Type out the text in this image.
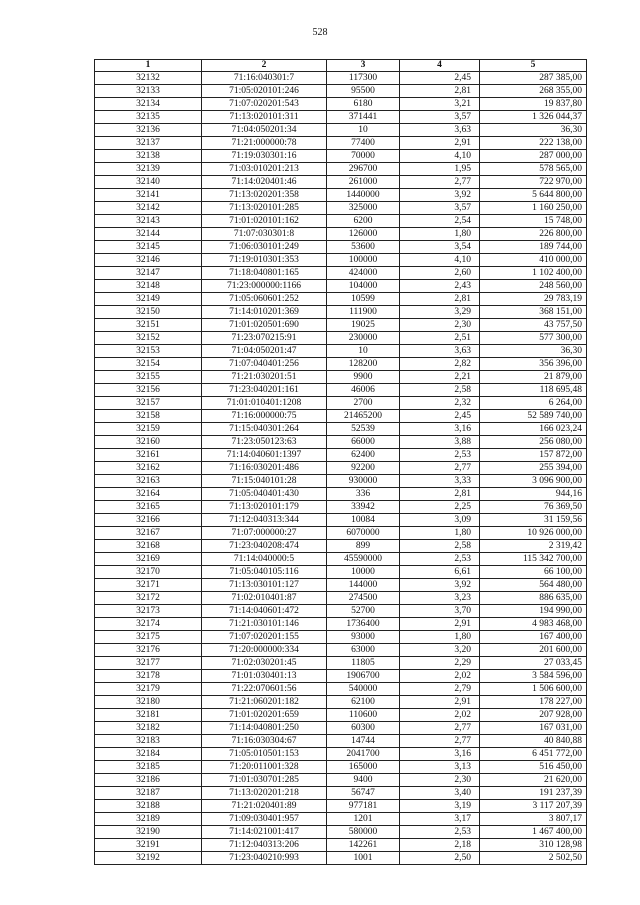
528
1	2	3	4	5
32132	71:16:040301:7	117300	2,45	287 385,00
32133	71:05:020101:246	95500	2,81	268 355,00
32134	71:07:020201:543	6180	3,21	19 837,80
32135	71:13:020101:311	371441	3,57	1 326 044,37
32136	71:04:050201:34	10	3,63	36,30
32137	71:21:000000:78	77400	2,91	222 138,00
32138	71:19:030301:16	70000	4,10	287 000,00
32139	71:03:010201:213	296700	1,95	578 565,00
32140	71:14:020401:46	261000	2,77	722 970,00
32141	71:13:020201:358	1440000	3,92	5 644 800,00
32142	71:13:020101:285	325000	3,57	1 160 250,00
32143	71:01:020101:162	6200	2,54	15 748,00
32144	71:07:030301:8	126000	1,80	226 800,00
32145	71:06:030101:249	53600	3,54	189 744,00
32146	71:19:010301:353	100000	4,10	410 000,00
32147	71:18:040801:165	424000	2,60	1 102 400,00
32148	71:23:000000:1166	104000	2,43	248 560,00
32149	71:05:060601:252	10599	2,81	29 783,19
32150	71:14:010201:369	111900	3,29	368 151,00
32151	71:01:020501:690	19025	2,30	43 757,50
32152	71:23:070215:91	230000	2,51	577 300,00
32153	71:04:050201:47	10	3,63	36,30
32154	71:07:040401:256	128200	2,82	356 396,00
32155	71:21:030201:51	9900	2,21	21 879,00
32156	71:23:040201:161	46006	2,58	118 695,48
32157	71:01:010401:1208	2700	2,32	6 264,00
32158	71:16:000000:75	21465200	2,45	52 589 740,00
32159	71:15:040301:264	52539	3,16	166 023,24
32160	71:23:050123:63	66000	3,88	256 080,00
32161	71:14:040601:1397	62400	2,53	157 872,00
32162	71:16:030201:486	92200	2,77	255 394,00
32163	71:15:040101:28	930000	3,33	3 096 900,00
32164	71:05:040401:430	336	2,81	944,16
32165	71:13:020101:179	33942	2,25	76 369,50
32166	71:12:040313:344	10084	3,09	31 159,56
32167	71:07:000000:27	6070000	1,80	10 926 000,00
32168	71:23:040208:474	899	2,58	2 319,42
32169	71:14:040000:5	45590000	2,53	115 342 700,00
32170	71:05:040105:116	10000	6,61	66 100,00
32171	71:13:030101:127	144000	3,92	564 480,00
32172	71:02:010401:87	274500	3,23	886 635,00
32173	71:14:040601:472	52700	3,70	194 990,00
32174	71:21:030101:146	1736400	2,91	4 983 468,00
32175	71:07:020201:155	93000	1,80	167 400,00
32176	71:20:000000:334	63000	3,20	201 600,00
32177	71:02:030201:45	11805	2,29	27 033,45
32178	71:01:030401:13	1906700	2,02	3 584 596,00
32179	71:22:070601:56	540000	2,79	1 506 600,00
32180	71:21:060201:182	62100	2,91	178 227,00
32181	71:01:020201:659	110600	2,02	207 928,00
32182	71:14:040801:250	60300	2,77	167 031,00
32183	71:16:030304:67	14744	2,77	40 840,88
32184	71:05:010501:153	2041700	3,16	6 451 772,00
32185	71:20:011001:328	165000	3,13	516 450,00
32186	71:01:030701:285	9400	2,30	21 620,00
32187	71:13:020201:218	56747	3,40	191 237,39
32188	71:21:020401:89	977181	3,19	3 117 207,39
32189	71:09:030401:957	1201	3,17	3 807,17
32190	71:14:021001:417	580000	2,53	1 467 400,00
32191	71:12:040313:206	142261	2,18	310 128,98
32192	71:23:040210:993	1001	2,50	2 502,50
